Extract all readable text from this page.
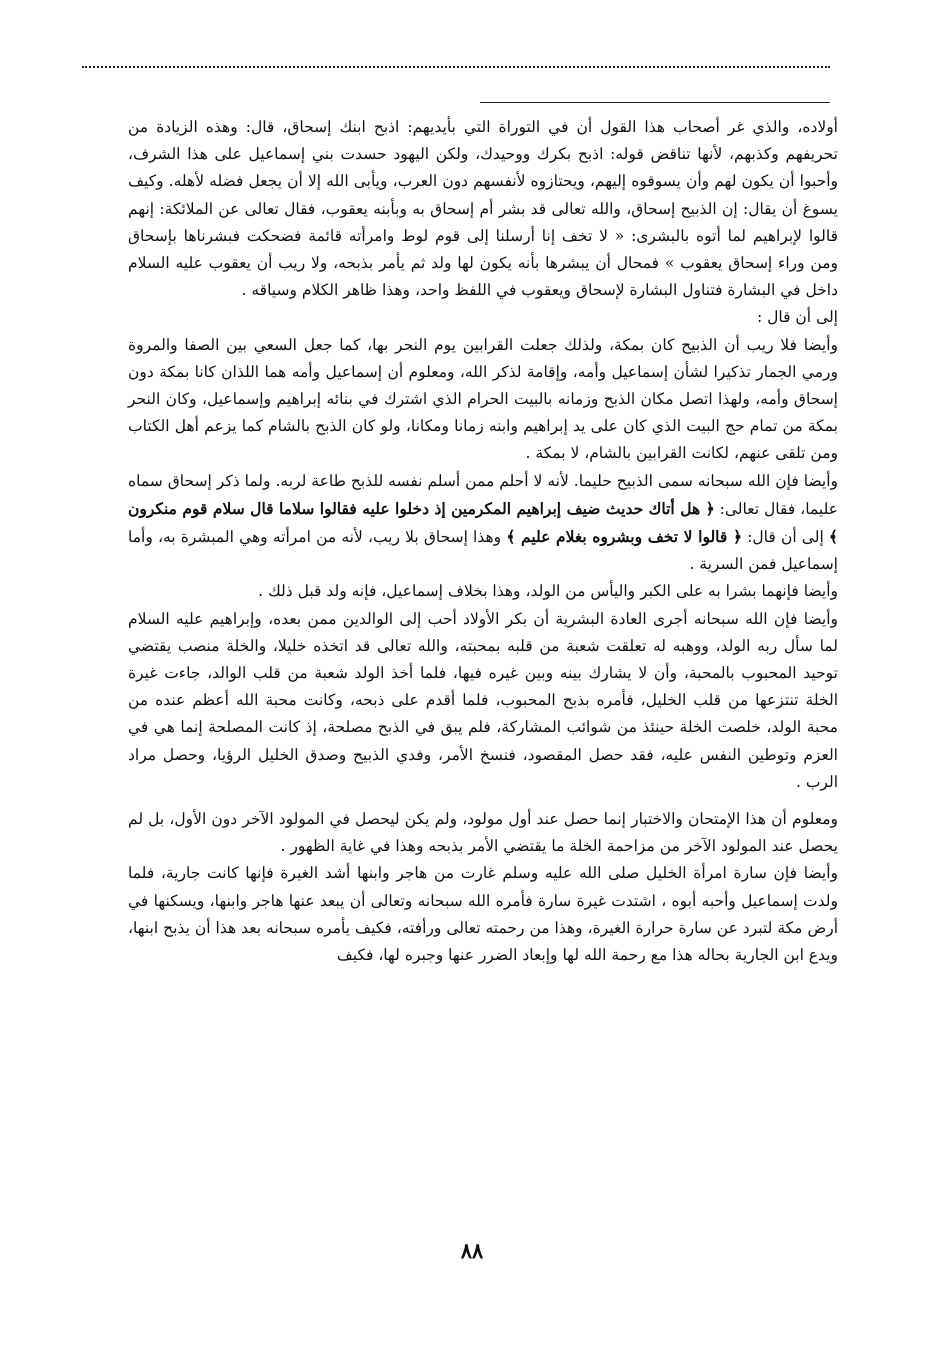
أولاده، والذي غر أصحاب هذا القول أن في التوراة التي بأيديهم: اذبح ابنك إسحاق، قال: وهذه الزيادة من تحريفهم وكذبهم، لأنها تناقض قوله: اذبح بكرك ووحيدك، ولكن اليهود حسدت بني إسماعيل على هذا الشرف، وأحبوا أن يكون لهم وأن يسوقوه إليهم، ويحتازوه لأنفسهم دون العرب، ويأبى الله إلا أن يجعل فضله لأهله. وكيف يسوغ أن يقال: إن الذبيح إسحاق، والله تعالى قد بشر أم إسحاق به وبأبنه يعقوب، فقال تعالى عن الملائكة: إنهم قالوا لإبراهيم لما أتوه بالبشرى: « لا تخف إنا أرسلنا إلى قوم لوط وامرأته قائمة فضحكت فبشرناها بإسحاق ومن وراء إسحاق يعقوب » فمحال أن يبشرها بأنه يكون لها ولد ثم يأمر بذبحه، ولا ريب أن يعقوب عليه السلام داخل في البشارة فتناول البشارة لإسحاق ويعقوب في اللفظ واحد، وهذا ظاهر الكلام وسياقه .

إلى أن قال :

وأيضا فلا ريب أن الذبيح كان بمكة، ولذلك جعلت القرابين يوم النحر بها، كما جعل السعي بين الصفا والمروة ورمي الجمار تذكيرا لشأن إسماعيل وأمه، وإقامة لذكر الله، ومعلوم أن إسماعيل وأمه هما اللذان كانا بمكة دون إسحاق وأمه، ولهذا اتصل مكان الذبح وزمانه بالبيت الحرام الذي اشترك في بنائه إبراهيم وإسماعيل، وكان النحر بمكة من تمام حج البيت الذي كان على يد إبراهيم وابنه زمانا ومكانا، ولو كان الذبح بالشام كما يزعم أهل الكتاب ومن تلقى عنهم، لكانت القرابين بالشام، لا بمكة .

وأيضا فإن الله سبحانه سمى الذبيح حليما. لأنه لا أحلم ممن أسلم نفسه للذبح طاعة لربه. ولما ذكر إسحاق سماه عليما، فقال تعالى: ﴿ هل أتاك حديث ضيف إبراهيم المكرمين إذ دخلوا عليه فقالوا سلاما قال سلام قوم منكرون ﴾ إلى أن قال: ﴿ قالوا لا تخف وبشروه بغلام عليم ﴾ وهذا إسحاق بلا ريب، لأنه من امرأته وهي المبشرة به، وأما إسماعيل فمن السرية .

وأيضا فإنهما بشرا به على الكبر واليأس من الولد، وهذا بخلاف إسماعيل، فإنه ولد قبل ذلك .

وأيضا فإن الله سبحانه أجرى العادة البشرية أن بكر الأولاد أحب إلى الوالدين ممن بعده، وإبراهيم عليه السلام لما سأل ربه الولد، ووهبه له تعلقت شعبة من قلبه بمحبته، والله تعالى قد اتخذه خليلا، والخلة منصب يقتضي توحيد المحبوب بالمحبة، وأن لا يشارك بينه وبين غيره فيها، فلما أخذ الولد شعبة من قلب الوالد، جاءت غيرة الخلة تنتزعها من قلب الخليل، فأمره بذبح المحبوب، فلما أقدم على ذبحه، وكانت محبة الله أعظم عنده من محبة الولد، خلصت الخلة حينئذ من شوائب المشاركة، فلم يبق في الذبح مصلحة، إذ كانت المصلحة إنما هي في العزم وتوطين النفس عليه، فقد حصل المقصود، فنسخ الأمر، وفدي الذبيح وصدق الخليل الرؤيا، وحصل مراد الرب .

ومعلوم أن هذا الإمتحان والاختبار إنما حصل عند أول مولود، ولم يكن ليحصل في المولود الآخر دون الأول، بل لم يحصل عند المولود الآخر من مزاحمة الخلة ما يقتضي الأمر بذبحه وهذا في غاية الظهور .

وأيضا فإن سارة امرأة الخليل صلى الله عليه وسلم غارت من هاجر وابنها أشد الغيرة فإنها كانت جارية، فلما ولدت إسماعيل وأحبه أبوه ، اشتدت غيرة سارة فأمره الله سبحانه وتعالى أن يبعد عنها هاجر وابنها، ويسكنها في أرض مكة لتبرد عن سارة حرارة الغيرة، وهذا من رحمته تعالى ورأفته، فكيف يأمره سبحانه بعد هذا أن يذبح ابنها، ويدع ابن الجارية بحاله هذا مع رحمة الله لها وإبعاد الضرر عنها وجبره لها، فكيف

٨٨
